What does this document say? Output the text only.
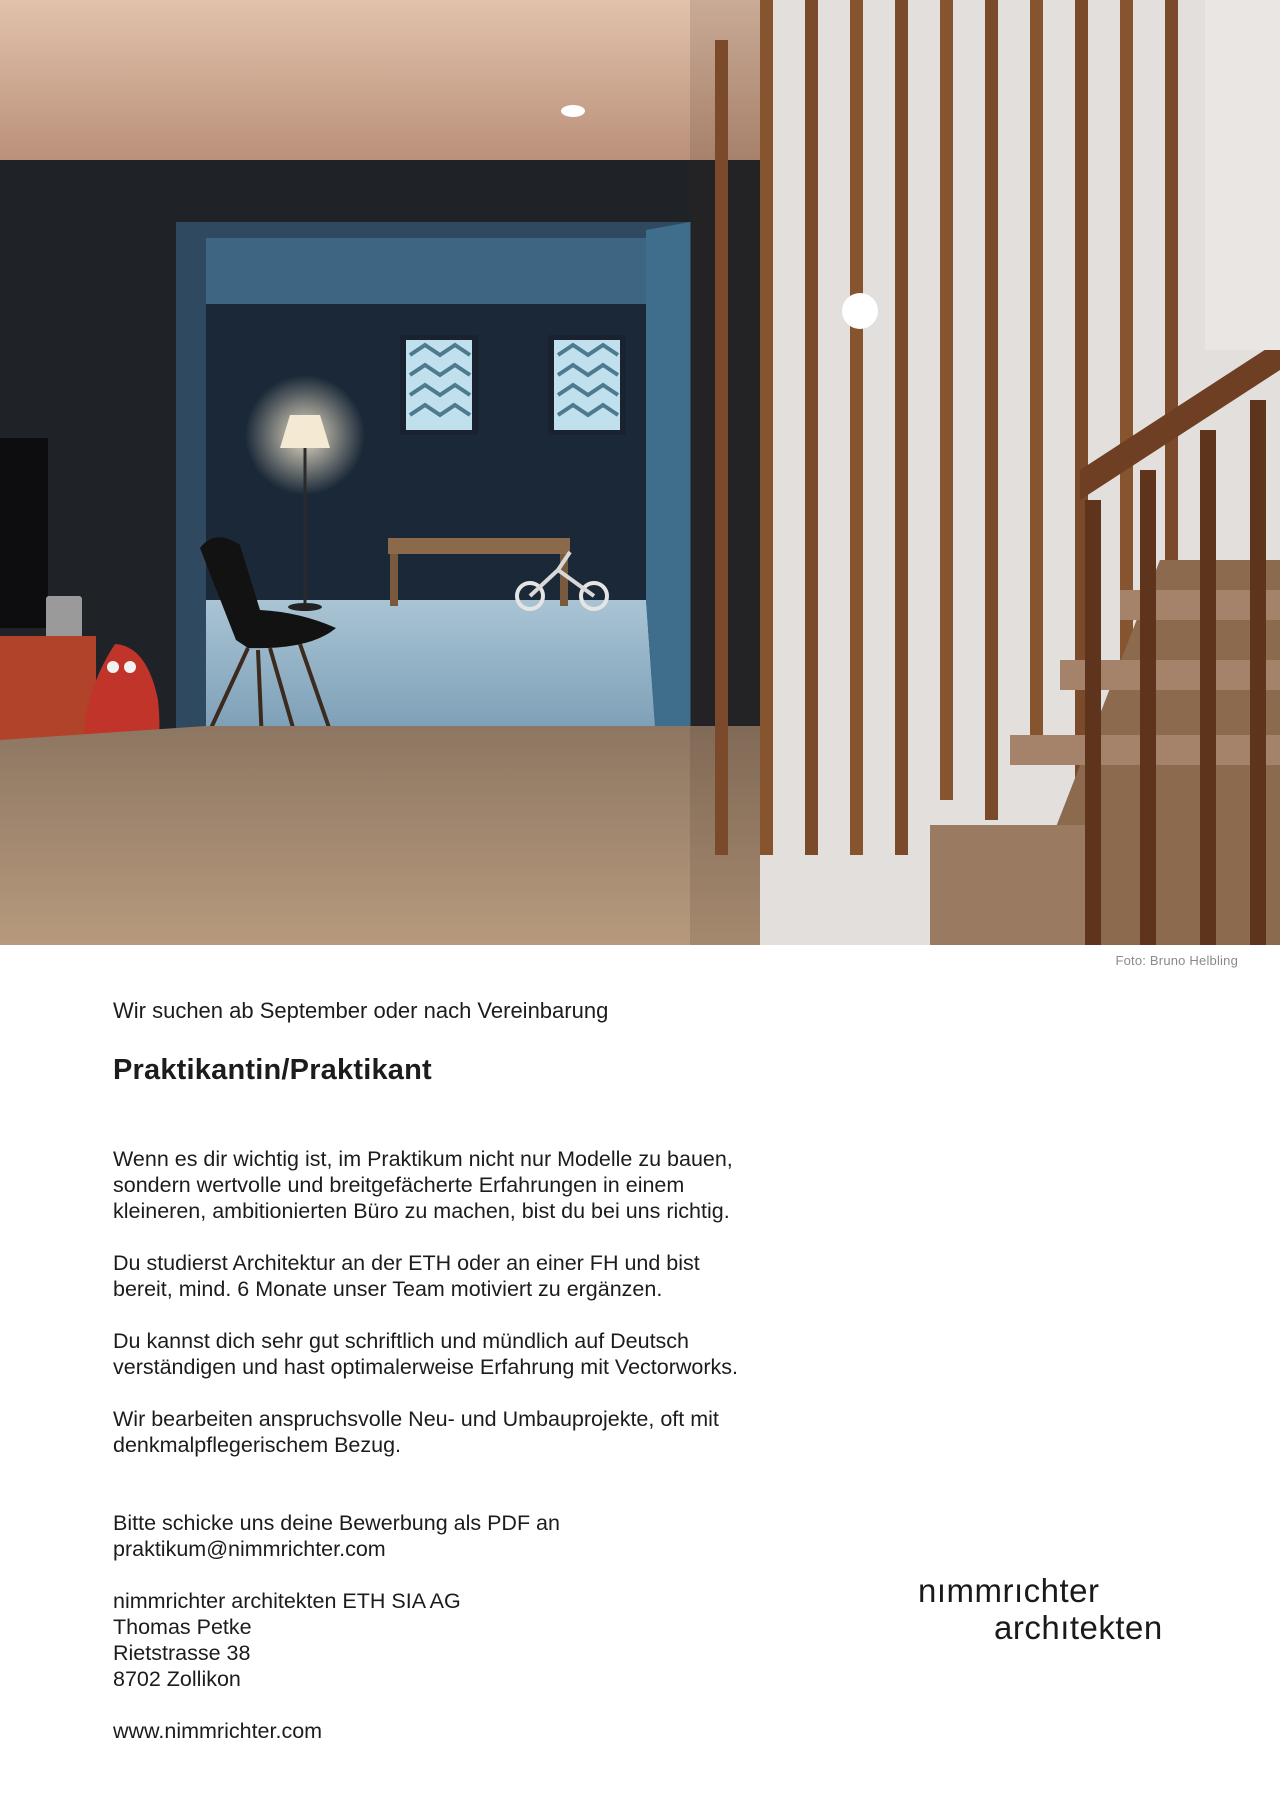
Foto: Bruno Helbling

Wir suchen ab September oder nach Vereinbarung

Praktikantin/Praktikant

Wenn es dir wichtig ist, im Praktikum nicht nur Modelle zu bauen,
sondern wertvolle und breitgefächerte Erfahrungen in einem
kleineren, ambitionierten Büro zu machen, bist du bei uns richtig.

Du studierst Architektur an der ETH oder an einer FH und bist
bereit, mind. 6 Monate unser Team motiviert zu ergänzen.

Du kannst dich sehr gut schriftlich und mündlich auf Deutsch
verständigen und hast optimalerweise Erfahrung mit Vectorworks.

Wir bearbeiten anspruchsvolle Neu- und Umbauprojekte, oft mit
denkmalpflegerischem Bezug.

Bitte schicke uns deine Bewerbung als PDF an
praktikum@nimmrichter.com

nimmrichter architekten ETH SIA AG
Thomas Petke
Rietstrasse 38
8702 Zollikon

www.nimmrichter.com

nımmrıchter
archıtekten
